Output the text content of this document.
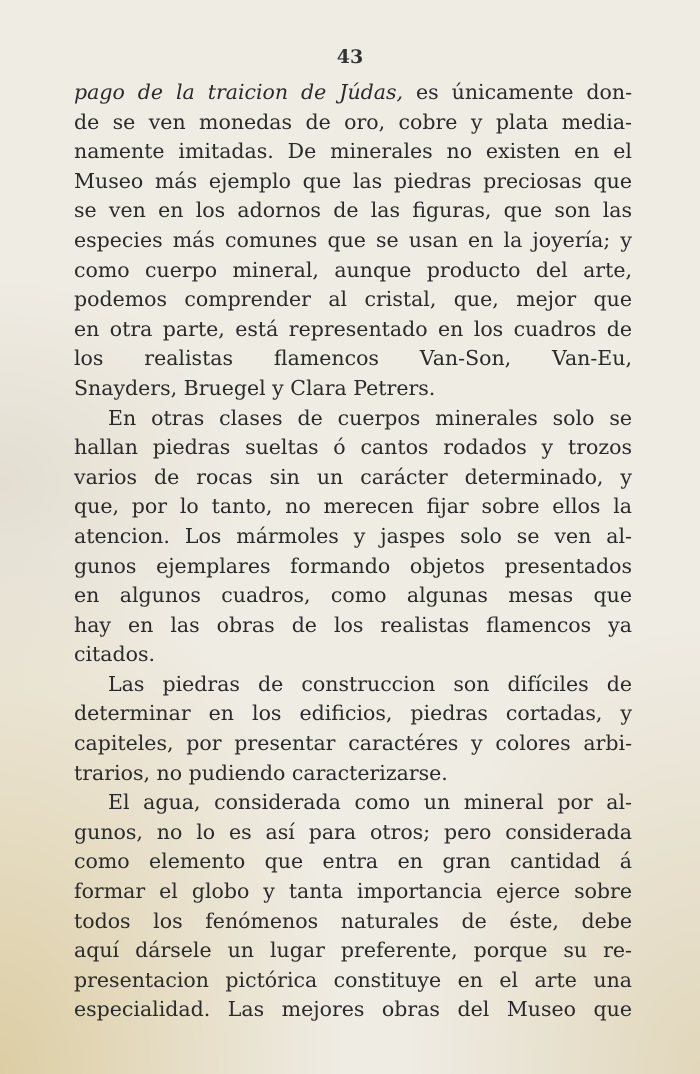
43
pago de la traicion de Júdas, es únicamente don-
de se ven monedas de oro, cobre y plata media-
namente imitadas. De minerales no existen en el
Museo más ejemplo que las piedras preciosas que
se ven en los adornos de las figuras, que son las
especies más comunes que se usan en la joyería; y
como cuerpo mineral, aunque producto del arte,
podemos comprender al cristal, que, mejor que
en otra parte, está representado en los cuadros de
los realistas flamencos Van-Son, Van-Eu,
Snayders, Bruegel y Clara Petrers.
En otras clases de cuerpos minerales solo se
hallan piedras sueltas ó cantos rodados y trozos
varios de rocas sin un carácter determinado, y
que, por lo tanto, no merecen fijar sobre ellos la
atencion. Los mármoles y jaspes solo se ven al-
gunos ejemplares formando objetos presentados
en algunos cuadros, como algunas mesas que
hay en las obras de los realistas flamencos ya
citados.
Las piedras de construccion son difíciles de
determinar en los edificios, piedras cortadas, y
capiteles, por presentar caractéres y colores arbi-
trarios, no pudiendo caracterizarse.
El agua, considerada como un mineral por al-
gunos, no lo es así para otros; pero considerada
como elemento que entra en gran cantidad á
formar el globo y tanta importancia ejerce sobre
todos los fenómenos naturales de éste, debe
aquí dársele un lugar preferente, porque su re-
presentacion pictórica constituye en el arte una
especialidad. Las mejores obras del Museo que
